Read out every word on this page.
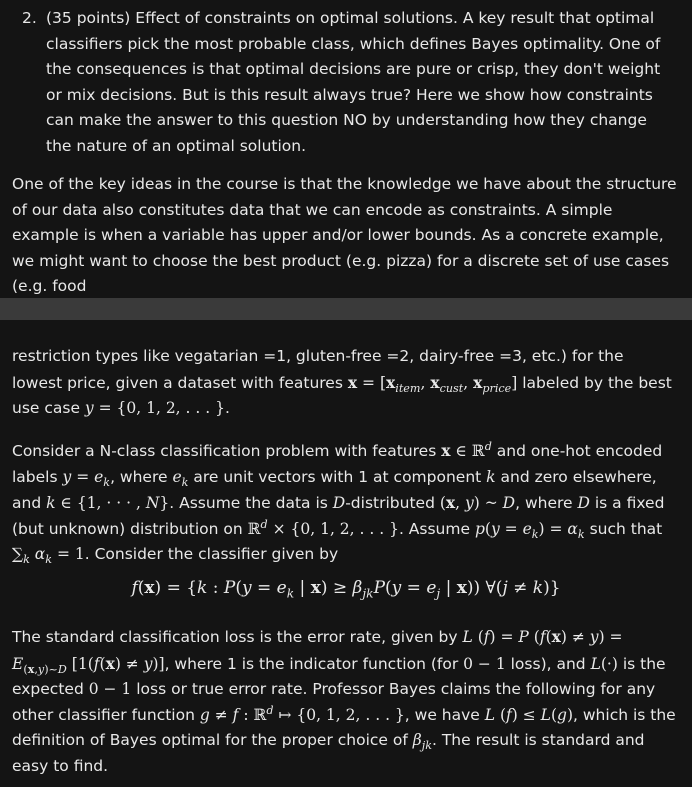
2. (35 points) Effect of constraints on optimal solutions. A key result that optimal classifiers pick the most probable class, which defines Bayes optimality. One of the consequences is that optimal decisions are pure or crisp, they don't weight or mix decisions. But is this result always true? Here we show how constraints can make the answer to this question NO by understanding how they change the nature of an optimal solution.
One of the key ideas in the course is that the knowledge we have about the structure of our data also constitutes data that we can encode as constraints. A simple example is when a variable has upper and/or lower bounds. As a concrete example, we might want to choose the best product (e.g. pizza) for a discrete set of use cases (e.g. food
restriction types like vegatarian =1, gluten-free =2, dairy-free =3, etc.) for the lowest price, given a dataset with features $x = [x_{item}$, $x_{cust}$, $x_{price}$] labeled by the best use case y = {0, 1, 2, . . . }.
Consider a N-class classification problem with features x ∈ ℝ$^d$ and one-hot encoded labels $y = e_k$, where $e_k$ are unit vectors with 1 at component k and zero elsewhere, and k ∈ {1, · · · , N}. Assume the data is D-distributed (x, y) ~ D, where D is a fixed (but unknown) distribution on ℝ$^d$ × {0, 1, 2, . . . }. Assume $p(y = e_k) = \alpha_k$ such that $\sum_k$ $\alpha_k = 1$. Consider the classifier given by
f(x) = {k : $P(y = e_k$ | $x) \ge \beta_{jk}P(y = e_j$ | x)) ∀(j ≠ k)}
The standard classification loss is the error rate, given by L (f) = P $(f(x) \ne y) = E_{(x,y)\sim D}$ [1(f(x) ≠ y)], where 1 is the indicator function (for 0 − 1 loss), and L(·) is the expected 0 − 1 loss or true error rate. Professor Bayes claims the following for any other classifier function g ≠ f : ℝ$^d$ ↦ {0, 1, 2, . . . }, we have L (f) ≤ L(g), which is the definition of Bayes optimal for the proper choice of $\beta_{jk}$. The result is standard and easy to find.
